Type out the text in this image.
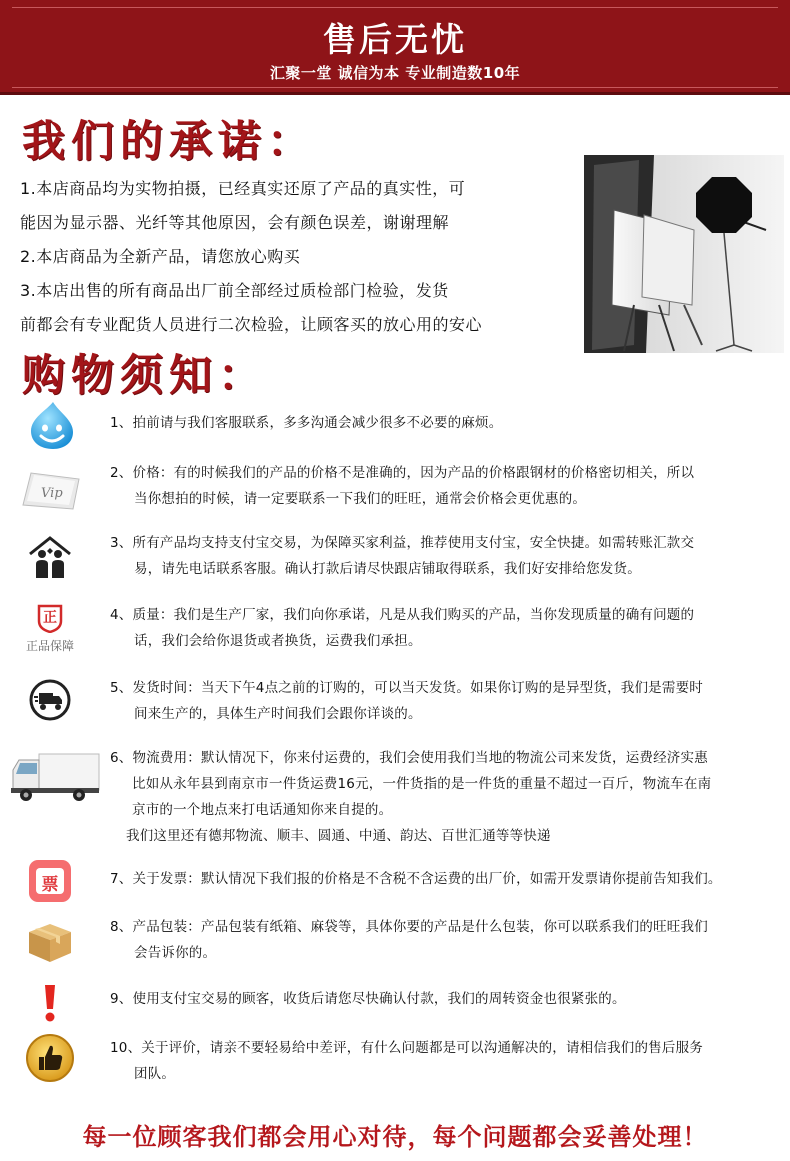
售后无忧
汇聚一堂 诚信为本 专业制造数10年
我们的承诺：
1.本店商品均为实物拍摄，已经真实还原了产品的真实性，可
能因为显示器、光纤等其他原因，会有颜色误差，谢谢理解
2.本店商品为全新产品，请您放心购买
3.本店出售的所有商品出厂前全部经过质检部门检验，发货
前都会有专业配货人员进行二次检验，让顾客买的放心用的安心
购物须知：
1、拍前请与我们客服联系，多多沟通会减少很多不必要的麻烦。
Vip
2、价格：有的时候我们的产品的价格不是准确的，因为产品的价格跟钢材的价格密切相关，所以
当你想拍的时候，请一定要联系一下我们的旺旺，通常会价格会更优惠的。
3、所有产品均支持支付宝交易，为保障买家利益，推荐使用支付宝，安全快捷。如需转账汇款交
易，请先电话联系客服。确认打款后请尽快跟店铺取得联系，我们好安排给您发货。
正
正品保障
4、质量：我们是生产厂家，我们向你承诺，凡是从我们购买的产品，当你发现质量的确有问题的
话，我们会给你退货或者换货，运费我们承担。
5、发货时间：当天下午4点之前的订购的，可以当天发货。如果你订购的是异型货，我们是需要时
间来生产的，具体生产时间我们会跟你详谈的。
6、物流费用：默认情况下，你来付运费的，我们会使用我们当地的物流公司来发货，运费经济实惠
比如从永年县到南京市一件货运费16元，一件货指的是一件货的重量不超过一百斤，物流车在南
京市的一个地点来打电话通知你来自提的。
我们这里还有德邦物流、顺丰、圆通、中通、韵达、百世汇通等等快递
票	7、关于发票：默认情况下我们报的价格是不含税不含运费的出厂价，如需开发票请你提前告知我们。
8、产品包装：产品包装有纸箱、麻袋等，具体你要的产品是什么包装，你可以联系我们的旺旺我们
会告诉你的。
9、使用支付宝交易的顾客，收货后请您尽快确认付款，我们的周转资金也很紧张的。
10、关于评价，请亲不要轻易给中差评，有什么问题都是可以沟通解决的，请相信我们的售后服务
团队。
每一位顾客我们都会用心对待，每个问题都会妥善处理！
